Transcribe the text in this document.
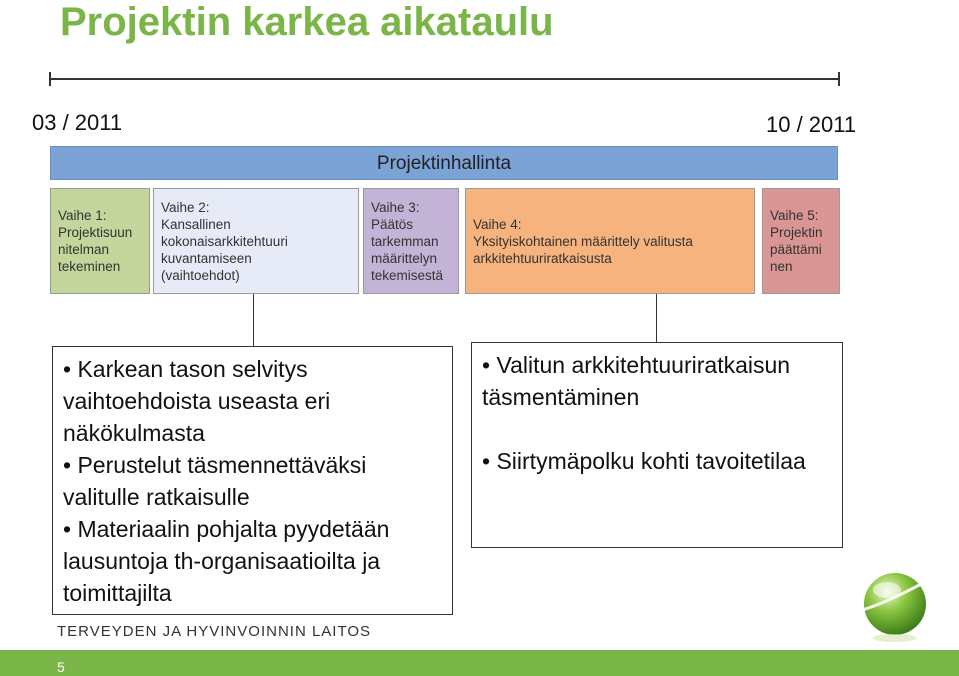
Projektin karkea aikataulu
03 / 2011	10 / 2011
Projektinhallinta
Vaihe 1:
Projektisuun
nitelman
tekeminen
Vaihe 2:
Kansallinen
kokonaisarkkitehtuuri
kuvantamiseen
(vaihtoehdot)
Vaihe 3:
Päätös
tarkemman
määrittelyn
tekemisestä
Vaihe 4:
Yksityiskohtainen määrittely valitusta
arkkitehtuuriratkaisusta
Vaihe 5:
Projektin
päättämi
nen
• Karkean tason selvitys vaihtoehdoista useasta eri näkökulmasta
• Perustelut täsmennettäväksi valitulle ratkaisulle
• Materiaalin pohjalta pyydetään lausuntoja th-organisaatioilta ja toimittajilta
• Valitun arkkitehtuuriratkaisun täsmentäminen
• Siirtymäpolku kohti tavoitetilaa
TERVEYDEN JA HYVINVOINNIN LAITOS
5
